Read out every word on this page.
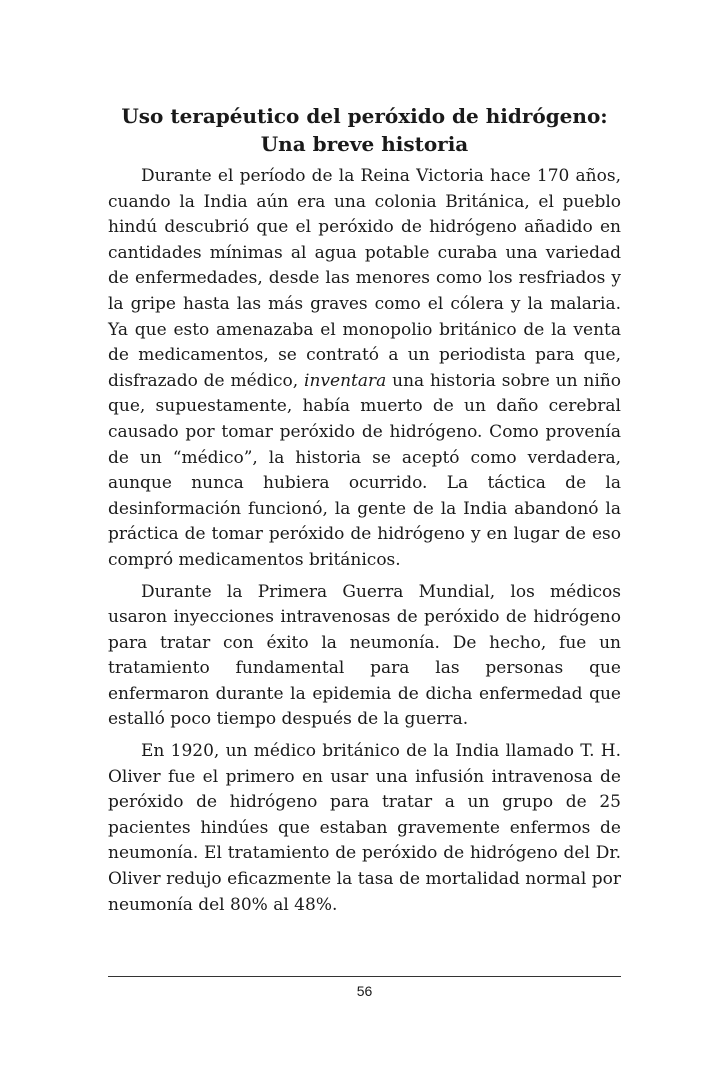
Uso terapéutico del peróxido de hidrógeno:
Una breve historia

Durante el período de la Reina Victoria hace 170 años, cuando la India aún era una colonia Británica, el pueblo hindú descubrió que el peróxido de hidrógeno añadido en cantidades mínimas al agua potable curaba una variedad de enfermedades, desde las menores como los resfriados y la gripe hasta las más graves como el cólera y la malaria. Ya que esto amenazaba el monopolio británico de la venta de medicamentos, se contrató a un periodista para que, disfrazado de médico, inventara una historia sobre un niño que, supuestamente, había muerto de un daño cerebral causado por tomar peróxido de hidrógeno. Como provenía de un “médico”, la historia se aceptó como verdadera, aunque nunca hubiera ocurrido. La táctica de la desinformación funcionó, la gente de la India abandonó la práctica de tomar peróxido de hidrógeno y en lugar de eso compró medicamentos británicos.

Durante la Primera Guerra Mundial, los médicos usaron inyecciones intravenosas de peróxido de hidrógeno para tratar con éxito la neumonía. De hecho, fue un tratamiento fundamental para las personas que enfermaron durante la epidemia de dicha enfermedad que estalló poco tiempo después de la guerra.

En 1920, un médico británico de la India llamado T. H. Oliver fue el primero en usar una infusión intravenosa de peróxido de hidrógeno para tratar a un grupo de 25 pacientes hindúes que estaban gravemente enfermos de neumonía. El tratamiento de peróxido de hidrógeno del Dr. Oliver redujo eficazmente la tasa de mortalidad normal por neumonía del 80% al 48%.

56
